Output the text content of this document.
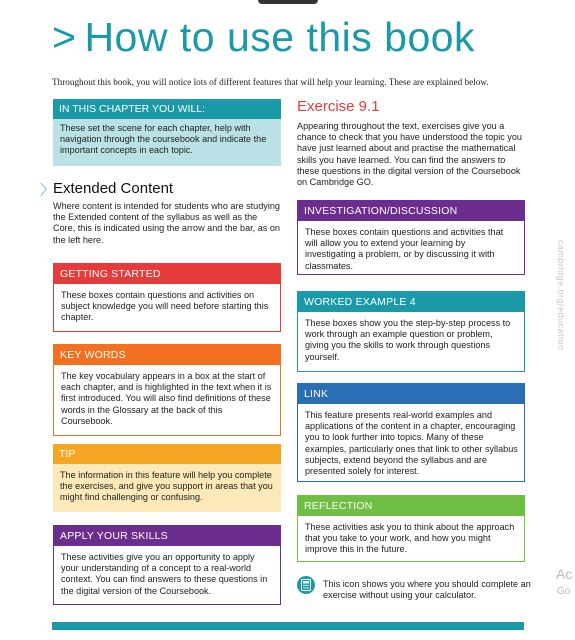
> How to use this book
Throughout this book, you will notice lots of different features that will help your learning. These are explained below.
IN THIS CHAPTER YOU WILL:
These set the scene for each chapter, help with navigation through the coursebook and indicate the important concepts in each topic.
〉 Extended Content
Where content is intended for students who are studying the Extended content of the syllabus as well as the Core, this is indicated using the arrow and the bar, as on the left here.
GETTING STARTED
These boxes contain questions and activities on subject knowledge you will need before starting this chapter.
KEY WORDS
The key vocabulary appears in a box at the start of each chapter, and is highlighted in the text when it is first introduced. You will also find definitions of these words in the Glossary at the back of this Coursebook.
TIP
The information in this feature will help you complete the exercises, and give you support in areas that you might find challenging or confusing.
APPLY YOUR SKILLS
These activities give you an opportunity to apply your understanding of a concept to a real-world context. You can find answers to these questions in the digital version of the Coursebook.
Exercise 9.1
Appearing throughout the text, exercises give you a chance to check that you have understood the topic you have just learned about and practise the mathematical skills you have learned. You can find the answers to these questions in the digital version of the Coursebook on Cambridge GO.
INVESTIGATION/DISCUSSION
These boxes contain questions and activities that will allow you to extend your learning by investigating a problem, or by discussing it with classmates.
WORKED EXAMPLE 4
These boxes show you the step-by-step process to work through an example question or problem, giving you the skills to work through questions yourself.
LINK
This feature presents real-world examples and applications of the content in a chapter, encouraging you to look further into topics. Many of these examples, particularly ones that link to other syllabus subjects, extend beyond the syllabus and are presented solely for interest.
REFLECTION
These activities ask you to think about the approach that you take to your work, and how you might improve this in the future.
This icon shows you where you should complete an exercise without using your calculator.
cambridge.org/education
Ac
Go
